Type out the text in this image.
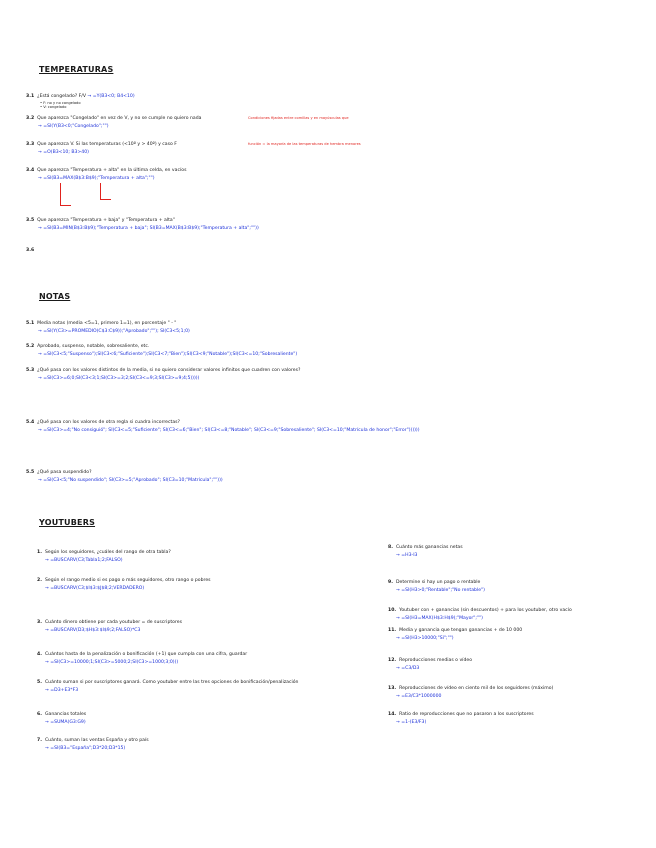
TEMPERATURAS
3.1 ¿Está congelado? F/V → =Y(B3<0; B4<10)
• F: no y no congelado
• V: congelado
3.2 Que aparezca "Congelado" en vez de V, y no se cumple no quiero nada	Condiciones fijadas entre comillas y en mayúsculas que
→ =SI(Y(B3<0;"Congelado";"")
3.3 Que aparezca V. Si las temperaturas (<10º y > 40º) y caso F	función = la mayoría de las temperaturas de hembra menores
→ =O(B3<10; B3>40)
3.4 Que aparezca "Temperatura + alta" en la última celda, en vacíos
→ =SI(B3=MAX(B$3:B$9);"Temperatura + alta";"")
3.5 Que aparezca "Temperatura + baja" y "Temperatura + alta"
→ =SI(B3=MIN(B$3:B$9);"Temperatura + baja"; SI(B3=MAX(B$3:B$9);"Temperatura + alta";""))
3.6
NOTAS
5.1 Media notas (media <5=1, primero 1=1), en porcentaje " - "
→ =SI(Y(C3>=PROMEDIO(C$3:C$9));"Aprobado";""); SI(C3<5;1;0)
5.2 Aprobado, suspenso, notable, sobresaliente, etc.
→ =SI(C3<5;"Suspenso");SI(C3<6;"Suficiente");SI(C3<7;"Bien");SI(C3<9;"Notable");SI(C3<=10;"Sobresaliente")
5.3 ¿Qué pasa con los valores distintos de la media, si no quiero considerar valores infinitos que cuadren con valores?
→ =SI(C3>=6;0;SI(C3<3;1;SI(C3>=3;2;SI(C3<=9;3;SI(C3>=9;4;5)))))
5.4 ¿Qué pasa con los valores de otra regla si cuadra incorrectas?
→ =SI(C3>=4;"No consiguió"; SI(C3<=5;"Suficiente"; SI(C3<=6;"Bien"; SI(C3<=8;"Notable"; SI(C3<=9;"Sobresaliente"; SI(C3<=10;"Matrícula de honor";"Error"))))))
5.5 ¿Qué pasa suspendido?
→ =SI(C3<5;"No suspendido"; SI(C3>=5;"Aprobado"; SI(C3=10;"Matrícula";"")))
YOUTUBERS
1. Según los seguidores, ¿cuáles del rango de otra tabla?
→ =BUSCARV(C3;Tabla1;2;FALSO)
2. Según el rango medio si es pago o más seguidores, otro rango o pobres
→ =BUSCARV(C3;$I$3:$J$8;2;VERDADERO)
3. Cuánto dinero obtiene por cada youtuber = de suscriptores
→ =BUSCARV(D3;$H$3:$I$9;2;FALSO)*C3
4. Cuántos hasta de la penalización o bonificación (+1) que cumpla con una cifra, guardar
→ =SI(C3>=10000;1;SI(C3>=5000;2;SI(C3>=1000;3;0)))
5. Cuánto suman si por suscriptores ganará. Como youtuber entre las tres opciones de bonificación/penalización
→ =D3+E3*F3
6. Ganancias totales
→ =SUMA(G3:G9)
7. Cuánto, suman las ventas España y otro país
→ =SI(B3="España";D3*20;D3*15)
8. Cuánto más ganancias netas
→ =H3-I3
9. Determine si hay un pago o rentable
→ =SI(H3>0;"Rentable";"No rentable")
10. Youtuber con + ganancias (sin descuentos) + para los youtuber, otro vacío
→ =SI(H3=MAX(H$3:H$9);"Mayor";"")
11. Media y ganancia que tengan ganancias + de 10 000
→ =SI(H3>10000;"Sí";"")
12. Reproducciones medias o vídeo
→ =C3/D3
13. Reproducciones de vídeo en ciento mil de los seguidores (máximo)
→ =E3/C3*1000000
14. Ratio de reproducciones que no pasaron a los suscriptores
→ =1-(E3/F3)
